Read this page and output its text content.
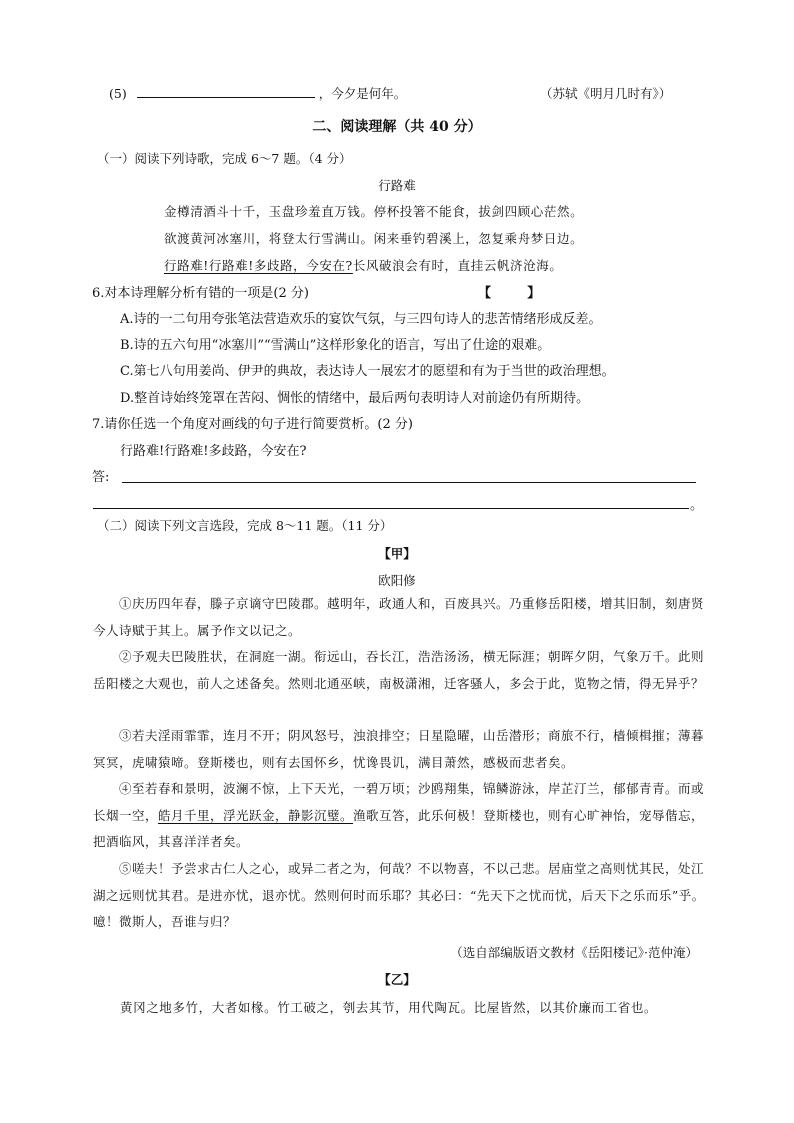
(5)	，今夕是何年。	（苏轼《明月几时有》）
二、阅读理解（共 40 分）
（一）阅读下列诗歌，完成 6～7 题。（4 分）
行路难
金樽清酒斗十千，玉盘珍羞直万钱。停杯投箸不能食，拔剑四顾心茫然。
欲渡黄河冰塞川，将登太行雪满山。闲来垂钓碧溪上，忽复乘舟梦日边。
行路难!行路难!多歧路，今安在?长风破浪会有时，直挂云帆济沧海。
6.对本诗理解分析有错的一项是(2 分)	【        】
A.诗的一二句用夸张笔法营造欢乐的宴饮气氛，与三四句诗人的悲苦情绪形成反差。
B.诗的五六句用“冰塞川”“雪满山”这样形象化的语言，写出了仕途的艰难。
C.第七八句用姜尚、伊尹的典故，表达诗人一展宏才的愿望和有为于当世的政治理想。
D.整首诗始终笼罩在苦闷、惆怅的情绪中，最后两句表明诗人对前途仍有所期待。
7.请你任选一个角度对画线的句子进行简要赏析。(2 分)
行路难!行路难!多歧路，今安在?
答:
。
（二）阅读下列文言选段，完成 8～11 题。（11 分）
【甲】
欧阳修
①庆历四年春，滕子京谪守巴陵郡。越明年，政通人和，百废具兴。乃重修岳阳楼，增其旧制，刻唐贤今人诗赋于其上。属予作文以记之。
②予观夫巴陵胜状，在洞庭一湖。衔远山，吞长江，浩浩汤汤，横无际涯；朝晖夕阴，气象万千。此则岳阳楼之大观也，前人之述备矣。然则北通巫峡，南极潇湘，迁客骚人，多会于此，览物之情，得无异乎？
③若夫淫雨霏霏，连月不开；阴风怒号，浊浪排空；日星隐曜，山岳潜形；商旅不行，樯倾楫摧；薄暮冥冥，虎啸猿啼。登斯楼也，则有去国怀乡，忧谗畏讥，满目萧然，感极而悲者矣。
④至若春和景明，波澜不惊，上下天光，一碧万顷；沙鸥翔集，锦鳞游泳，岸芷汀兰，郁郁青青。而或长烟一空，皓月千里，浮光跃金，静影沉璧。渔歌互答，此乐何极！登斯楼也，则有心旷神怡，宠辱偕忘，把酒临风，其喜洋洋者矣。
⑤嗟夫！予尝求古仁人之心，或异二者之为，何哉？不以物喜，不以己悲。居庙堂之高则忧其民，处江湖之远则忧其君。是进亦忧，退亦忧。然则何时而乐耶？其必曰：“先天下之忧而忧，后天下之乐而乐”乎。噫！微斯人，吾谁与归？
（选自部编版语文教材《岳阳楼记》·范仲淹）
【乙】
黄冈之地多竹，大者如椽。竹工破之，刳去其节，用代陶瓦。比屋皆然，以其价廉而工省也。
